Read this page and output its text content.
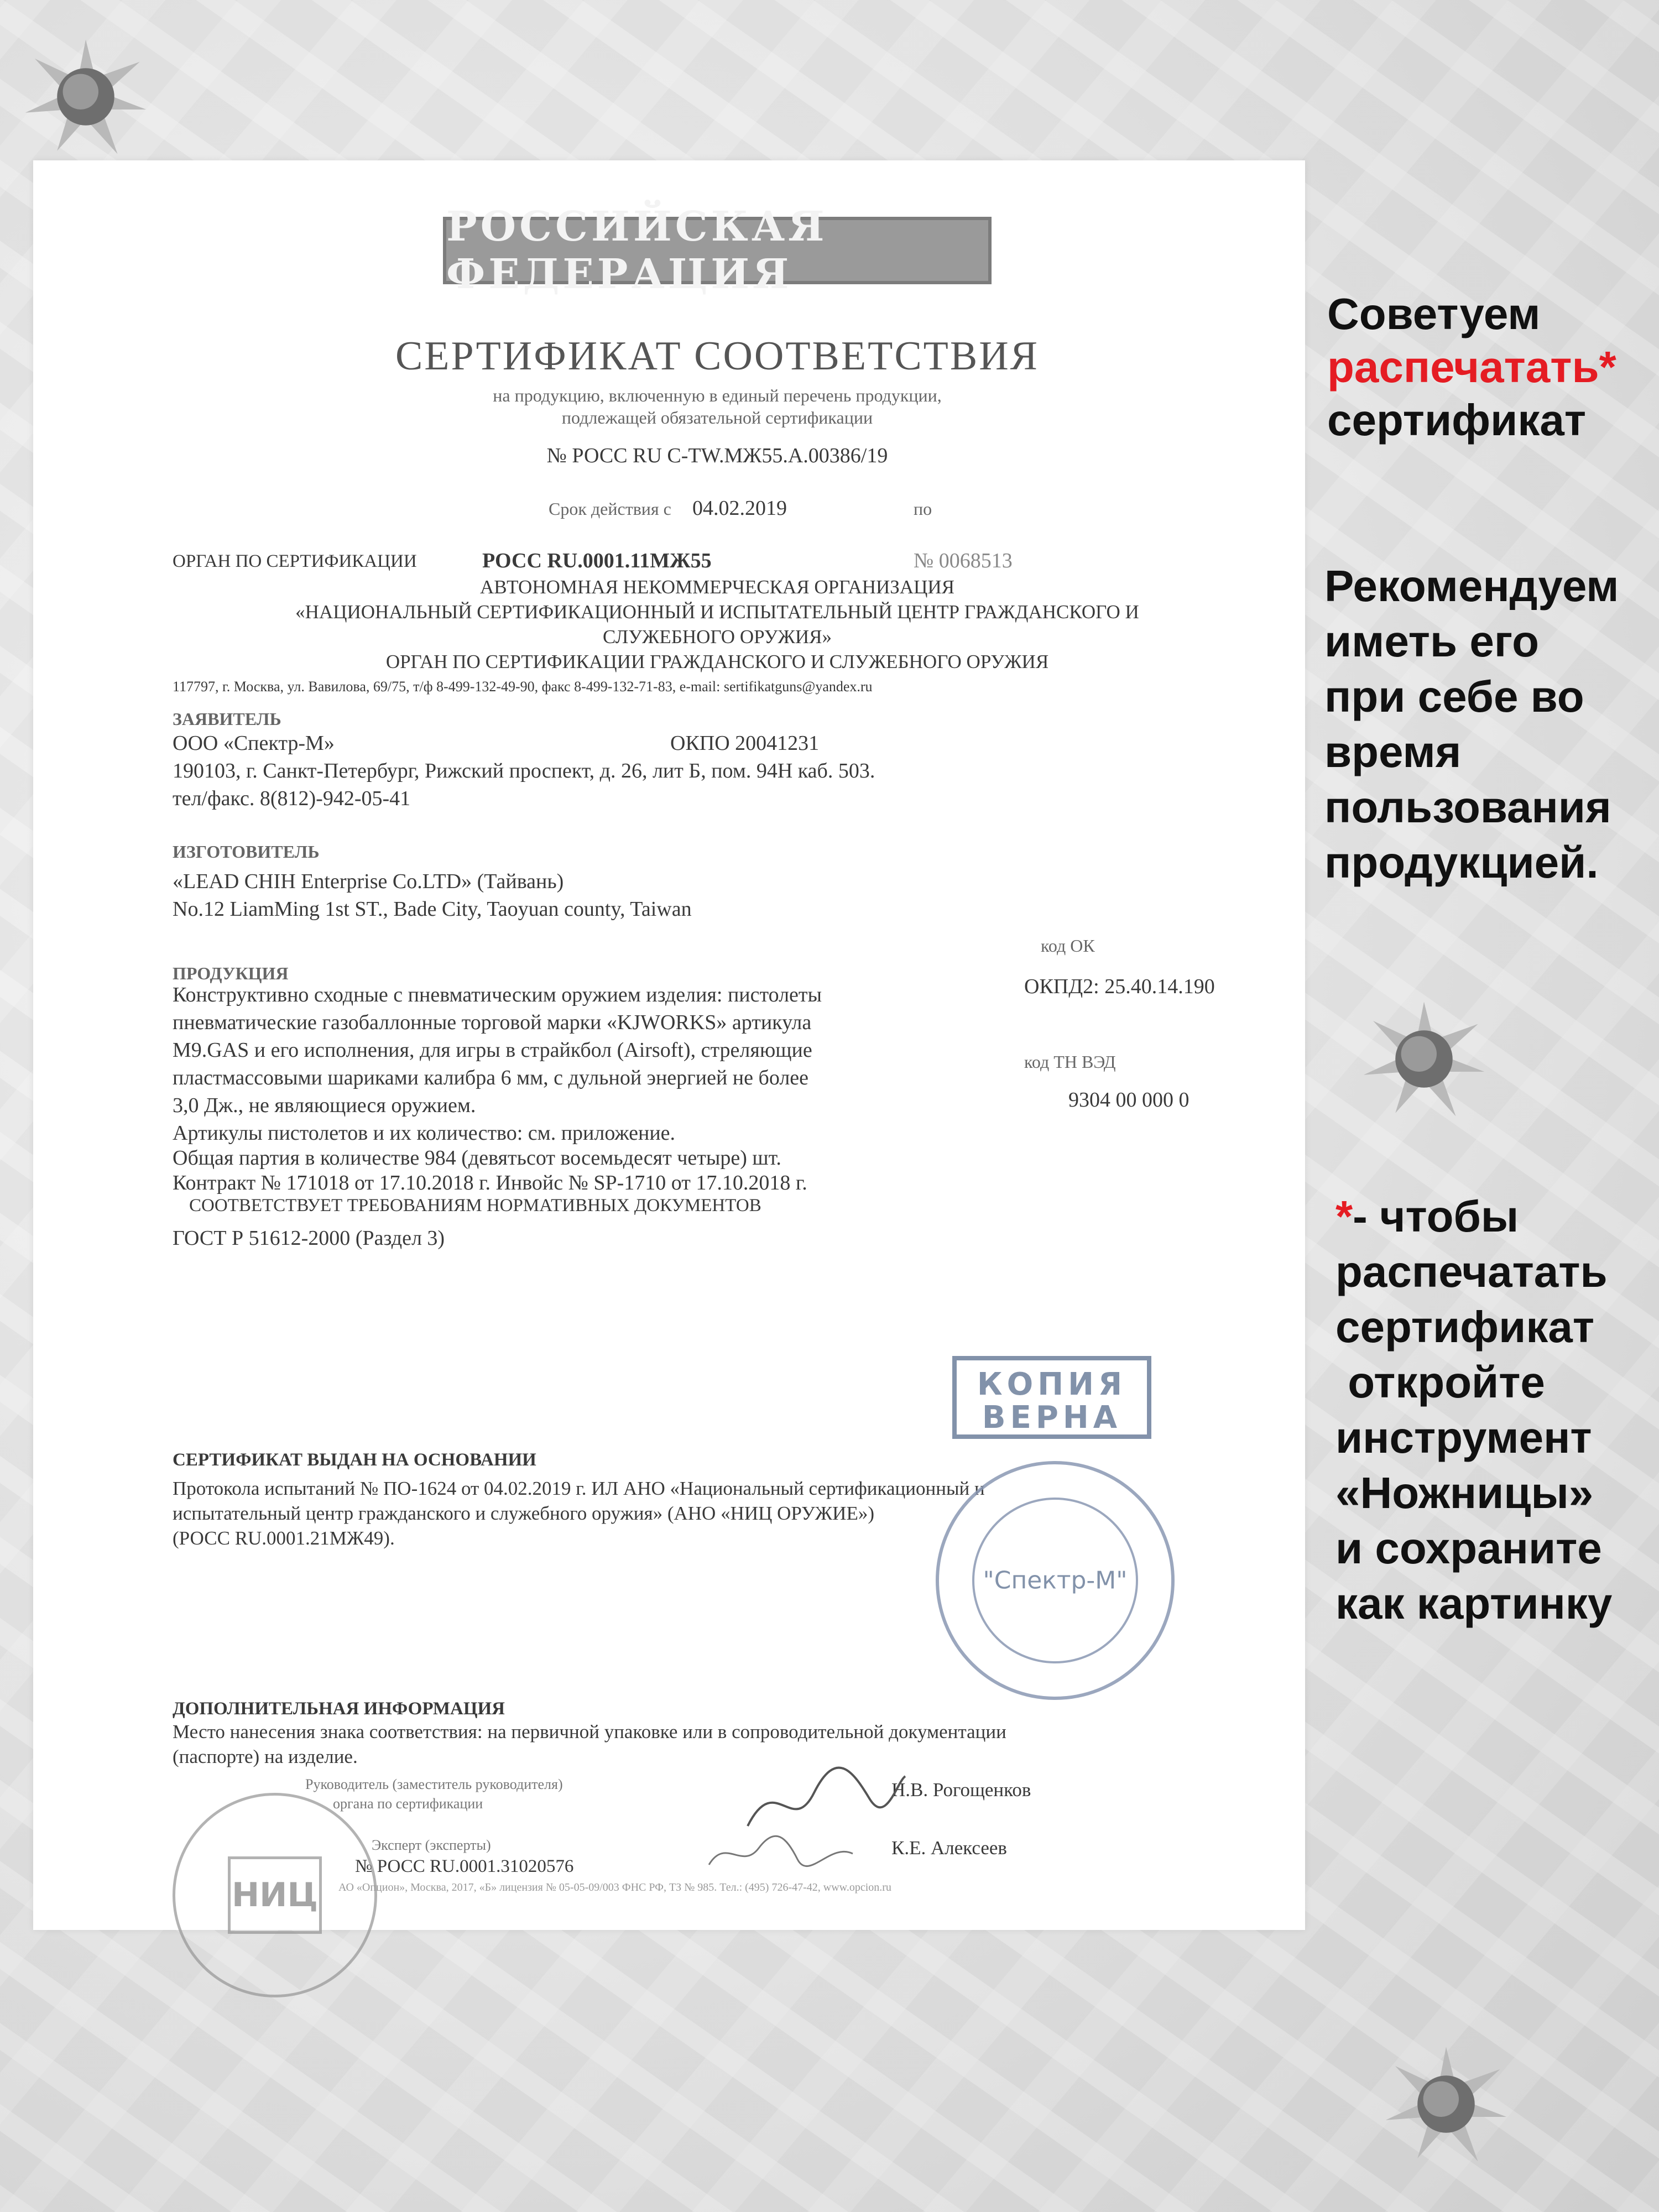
РОССИЙСКАЯ ФЕДЕРАЦИЯ
СЕРТИФИКАТ СООТВЕТСТВИЯ
на продукцию, включенную в единый перечень продукции,
подлежащей обязательной сертификации
№ РОСС RU C-TW.МЖ55.А.00386/19
Срок действия с 04.02.2019	по
ОРГАН ПО СЕРТИФИКАЦИИ	РОСС RU.0001.11МЖ55	№ 0068513
АВТОНОМНАЯ НЕКОММЕРЧЕСКАЯ ОРГАНИЗАЦИЯ
«НАЦИОНАЛЬНЫЙ СЕРТИФИКАЦИОННЫЙ И ИСПЫТАТЕЛЬНЫЙ ЦЕНТР ГРАЖДАНСКОГО И
СЛУЖЕБНОГО ОРУЖИЯ»
ОРГАН ПО СЕРТИФИКАЦИИ ГРАЖДАНСКОГО И СЛУЖЕБНОГО ОРУЖИЯ
117797, г. Москва, ул. Вавилова, 69/75, т/ф 8-499-132-49-90, факс 8-499-132-71-83, e-mail: sertifikatguns@yandex.ru
ЗАЯВИТЕЛЬ
ООО «Спектр-М»	ОКПО 20041231
190103, г. Санкт-Петербург, Рижский проспект, д. 26, лит Б, пом. 94Н каб. 503.
тел/факс. 8(812)-942-05-41
ИЗГОТОВИТЕЛЬ
«LEAD CHIH Enterprise Co.LTD» (Тайвань)
No.12 LiamMing 1st ST., Bade City, Taoyuan county, Taiwan
код ОК
ПРОДУКЦИЯ
ОКПД2: 25.40.14.190
Конструктивно сходные с пневматическим оружием изделия: пистолеты
пневматические газобаллонные торговой марки «KJWORKS» артикула
M9.GAS и его исполнения, для игры в страйкбол (Airsoft), стреляющие
пластмассовыми шариками калибра 6 мм, с дульной энергией не более
3,0 Дж., не являющиеся оружием.
Артикулы пистолетов и их количество: см. приложение.
Общая партия в количестве 984 (девятьсот восемьдесят четыре) шт.
Контракт № 171018 от 17.10.2018 г. Инвойс № SP-1710 от 17.10.2018 г.
код ТН ВЭД
9304 00 000 0
СООТВЕТСТВУЕТ ТРЕБОВАНИЯМ НОРМАТИВНЫХ ДОКУМЕНТОВ
ГОСТ Р 51612-2000 (Раздел 3)
СЕРТИФИКАТ ВЫДАН НА ОСНОВАНИИ
Протокола испытаний № ПО-1624 от 04.02.2019 г. ИЛ АНО «Национальный сертификационный и
испытательный центр гражданского и служебного оружия» (АНО «НИЦ ОРУЖИЕ»)
(РОСС RU.0001.21МЖ49).
ДОПОЛНИТЕЛЬНАЯ ИНФОРМАЦИЯ
Место нанесения знака соответствия: на первичной упаковке или в сопроводительной документации
(паспорте) на изделие.
Руководитель (заместитель руководителя)
органа по сертификации
Н.В. Рогощенков
Эксперт (эксперты)
№ РОСС RU.0001.31020576
К.Е. Алексеев
НИЦ	АО «Опцион», Москва, 2017, «Б» лицензия № 05-05-09/003 ФНС РФ, ТЗ № 985. Тел.: (495) 726-47-42, www.opcion.ru
КОПИЯ
ВЕРНА
"Спектр-М"
Советуем
распечатать*
сертификат
Рекомендуем
иметь его
при себе во
время
пользования
продукцией.
*- чтобы
распечатать
сертификат
откройте
инструмент
«Ножницы»
и сохраните
как картинку
